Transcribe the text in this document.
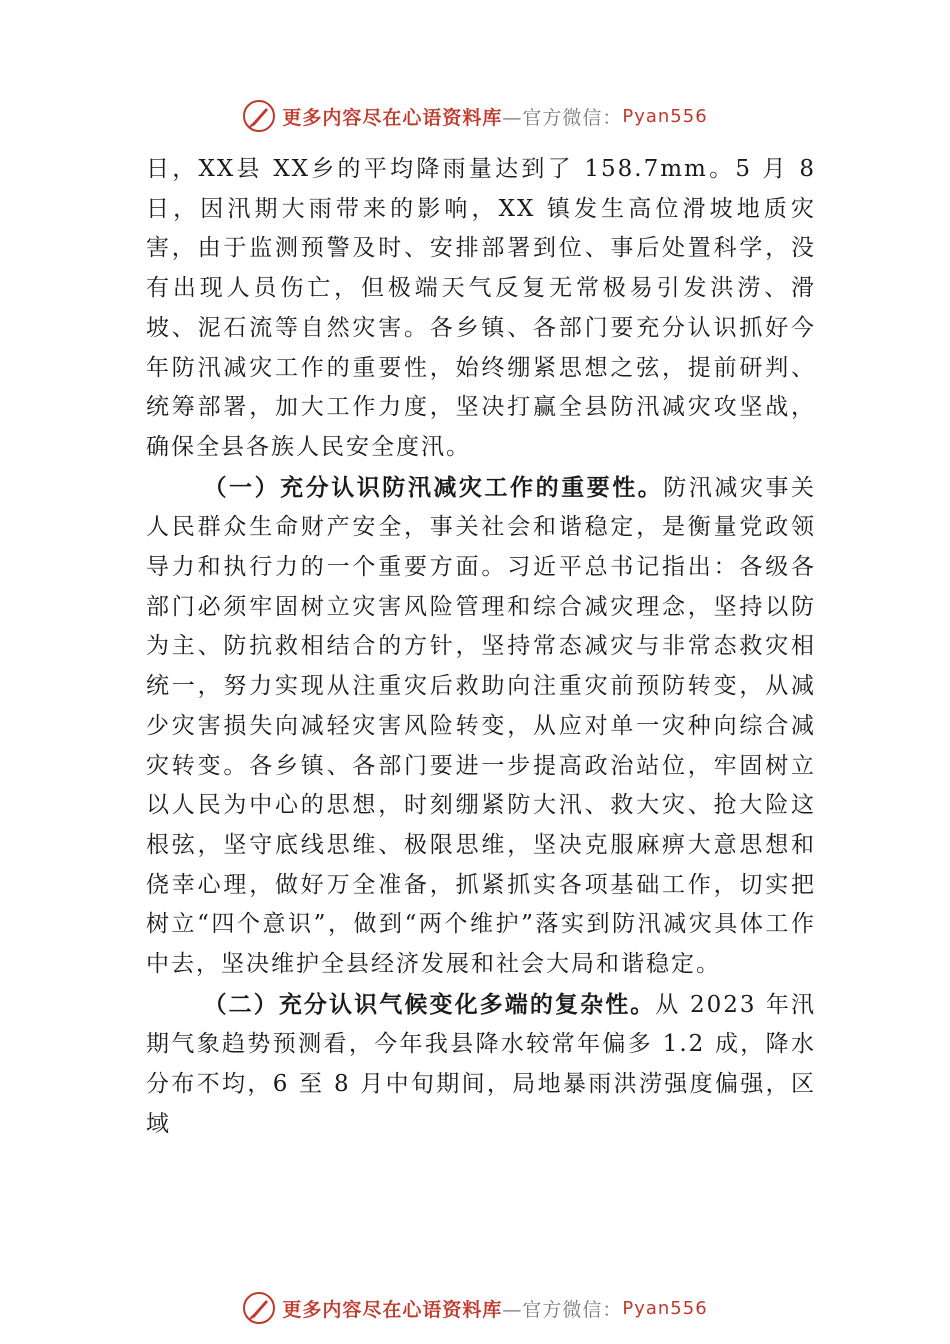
更多内容尽在心语资料库 —官方微信： Pyan556

日，XX县 XX乡的平均降雨量达到了 158.7mm。5 月 8 日，因汛期大雨带来的影响，XX 镇发生高位滑坡地质灾害，由于监测预警及时、安排部署到位、事后处置科学，没有出现人员伤亡，但极端天气反复无常极易引发洪涝、滑坡、泥石流等自然灾害。各乡镇、各部门要充分认识抓好今年防汛减灾工作的重要性，始终绷紧思想之弦，提前研判、统筹部署，加大工作力度，坚决打赢全县防汛减灾攻坚战，确保全县各族人民安全度汛。

（一）充分认识防汛减灾工作的重要性。防汛减灾事关人民群众生命财产安全，事关社会和谐稳定，是衡量党政领导力和执行力的一个重要方面。习近平总书记指出：各级各部门必须牢固树立灾害风险管理和综合减灾理念，坚持以防为主、防抗救相结合的方针，坚持常态减灾与非常态救灾相统一，努力实现从注重灾后救助向注重灾前预防转变，从减少灾害损失向减轻灾害风险转变，从应对单一灾种向综合减灾转变。各乡镇、各部门要进一步提高政治站位，牢固树立以人民为中心的思想，时刻绷紧防大汛、救大灾、抢大险这根弦，坚守底线思维、极限思维，坚决克服麻痹大意思想和侥幸心理，做好万全准备，抓紧抓实各项基础工作，切实把树立“四个意识”，做到“两个维护”落实到防汛减灾具体工作中去，坚决维护全县经济发展和社会大局和谐稳定。

（二）充分认识气候变化多端的复杂性。从 2023 年汛期气象趋势预测看，今年我县降水较常年偏多 1.2 成，降水分布不均，6 至 8 月中旬期间，局地暴雨洪涝强度偏强，区域

更多内容尽在心语资料库 —官方微信： Pyan556
